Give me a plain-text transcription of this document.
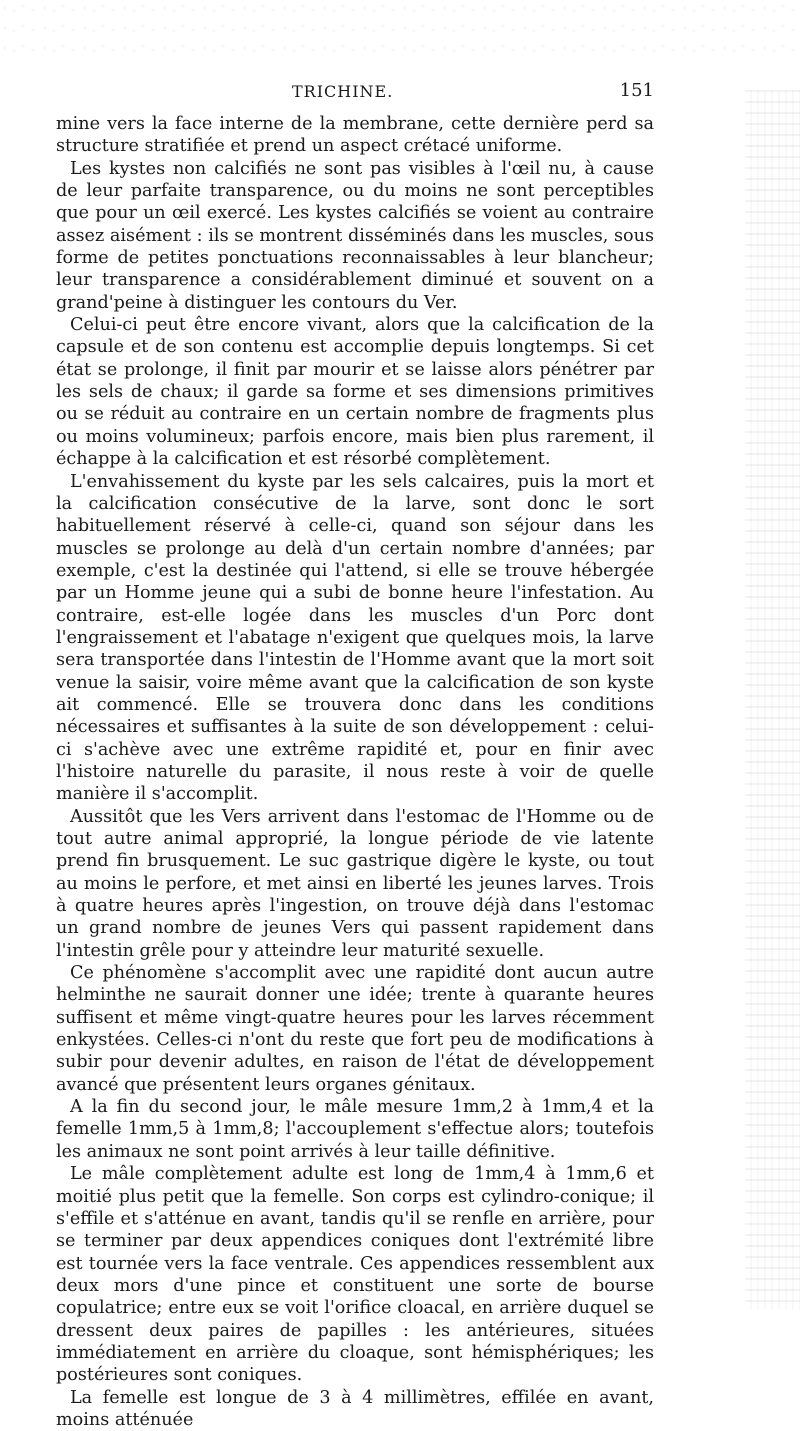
TRICHINE.	151

mine vers la face interne de la membrane, cette dernière perd sa structure stratifiée et prend un aspect crétacé uniforme.

Les kystes non calcifiés ne sont pas visibles à l'œil nu, à cause de leur parfaite transparence, ou du moins ne sont perceptibles que pour un œil exercé. Les kystes calcifiés se voient au contraire assez aisément : ils se montrent disséminés dans les muscles, sous forme de petites ponctuations reconnaissables à leur blancheur; leur transparence a considérablement diminué et souvent on a grand'peine à distinguer les contours du Ver.

Celui-ci peut être encore vivant, alors que la calcification de la capsule et de son contenu est accomplie depuis longtemps. Si cet état se prolonge, il finit par mourir et se laisse alors pénétrer par les sels de chaux; il garde sa forme et ses dimensions primitives ou se réduit au contraire en un certain nombre de fragments plus ou moins volumineux; parfois encore, mais bien plus rarement, il échappe à la calcification et est résorbé complètement.

L'envahissement du kyste par les sels calcaires, puis la mort et la calcification consécutive de la larve, sont donc le sort habituellement réservé à celle-ci, quand son séjour dans les muscles se prolonge au delà d'un certain nombre d'années; par exemple, c'est la destinée qui l'attend, si elle se trouve hébergée par un Homme jeune qui a subi de bonne heure l'infestation. Au contraire, est-elle logée dans les muscles d'un Porc dont l'engraissement et l'abatage n'exigent que quelques mois, la larve sera transportée dans l'intestin de l'Homme avant que la mort soit venue la saisir, voire même avant que la calcification de son kyste ait commencé. Elle se trouvera donc dans les conditions nécessaires et suffisantes à la suite de son développement : celui-ci s'achève avec une extrême rapidité et, pour en finir avec l'histoire naturelle du parasite, il nous reste à voir de quelle manière il s'accomplit.

Aussitôt que les Vers arrivent dans l'estomac de l'Homme ou de tout autre animal approprié, la longue période de vie latente prend fin brusquement. Le suc gastrique digère le kyste, ou tout au moins le perfore, et met ainsi en liberté les jeunes larves. Trois à quatre heures après l'ingestion, on trouve déjà dans l'estomac un grand nombre de jeunes Vers qui passent rapidement dans l'intestin grêle pour y atteindre leur maturité sexuelle.

Ce phénomène s'accomplit avec une rapidité dont aucun autre helminthe ne saurait donner une idée; trente à quarante heures suffisent et même vingt-quatre heures pour les larves récemment enkystées. Celles-ci n'ont du reste que fort peu de modifications à subir pour devenir adultes, en raison de l'état de développement avancé que présentent leurs organes génitaux.

A la fin du second jour, le mâle mesure 1mm,2 à 1mm,4 et la femelle 1mm,5 à 1mm,8; l'accouplement s'effectue alors; toutefois les animaux ne sont point arrivés à leur taille définitive.

Le mâle complètement adulte est long de 1mm,4 à 1mm,6 et moitié plus petit que la femelle. Son corps est cylindro-conique; il s'effile et s'atténue en avant, tandis qu'il se renfle en arrière, pour se terminer par deux appendices coniques dont l'extrémité libre est tournée vers la face ventrale. Ces appendices ressemblent aux deux mors d'une pince et constituent une sorte de bourse copulatrice; entre eux se voit l'orifice cloacal, en arrière duquel se dressent deux paires de papilles : les antérieures, situées immédiatement en arrière du cloaque, sont hémisphériques; les postérieures sont coniques.

La femelle est longue de 3 à 4 millimètres, effilée en avant, moins atténuée
